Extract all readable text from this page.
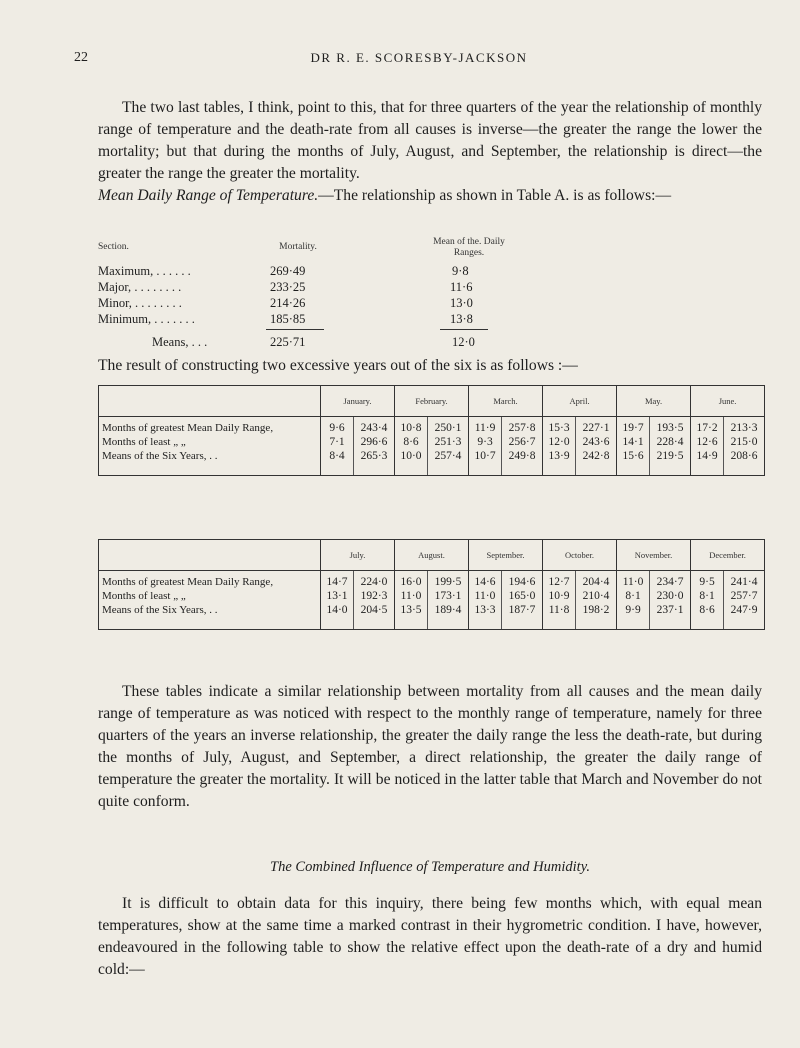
22	DR R. E. SCORESBY-JACKSON

The two last tables, I think, point to this, that for three quarters of the year the relationship of monthly range of temperature and the death-rate from all causes is inverse—the greater the range the lower the mortality; but that during the months of July, August, and September, the relationship is direct—the greater the range the greater the mortality.

Mean Daily Range of Temperature.—The relationship as shown in Table A. is as follows:—

Section.	Mortality.	Mean of the. Daily Ranges.
Maximum, . . . . . .	269·49	9·8
Major, . . . . . . . .	233·25	11·6
Minor, . . . . . . . .	214·26	13·0
Minimum, . . . . . . .	185·85	13·8
Means, . . .	225·71	12·0

The result of constructing two excessive years out of the six is as follows :—

	January.		February.		March.		April.		May.		June.	

Months of greatest Mean Daily Range,	9·6	243·4	10·8	250·1	11·9	257·8	15·3	227·1	19·7	193·5	17·2	213·3
Months of least „ „	7·1	296·6	8·6	251·3	9·3	256·7	12·0	243·6	14·1	228·4	12·6	215·0
Means of the Six Years, . .	8·4	265·3	10·0	257·4	10·7	249·8	13·9	242·8	15·6	219·5	14·9	208·6

	July.		August.		September.		October.		November.		December.	

Months of greatest Mean Daily Range,	14·7	224·0	16·0	199·5	14·6	194·6	12·7	204·4	11·0	234·7	9·5	241·4
Months of least „ „	13·1	192·3	11·0	173·1	11·0	165·0	10·9	210·4	8·1	230·0	8·1	257·7
Means of the Six Years, . .	14·0	204·5	13·5	189·4	13·3	187·7	11·8	198·2	9·9	237·1	8·6	247·9

These tables indicate a similar relationship between mortality from all causes and the mean daily range of temperature as was noticed with respect to the monthly range of temperature, namely for three quarters of the years an inverse relationship, the greater the daily range the less the death-rate, but during the months of July, August, and September, a direct relationship, the greater the daily range of temperature the greater the mortality. It will be noticed in the latter table that March and November do not quite conform.

The Combined Influence of Temperature and Humidity.

It is difficult to obtain data for this inquiry, there being few months which, with equal mean temperatures, show at the same time a marked contrast in their hygrometric condition. I have, however, endeavoured in the following table to show the relative effect upon the death-rate of a dry and humid cold:—
